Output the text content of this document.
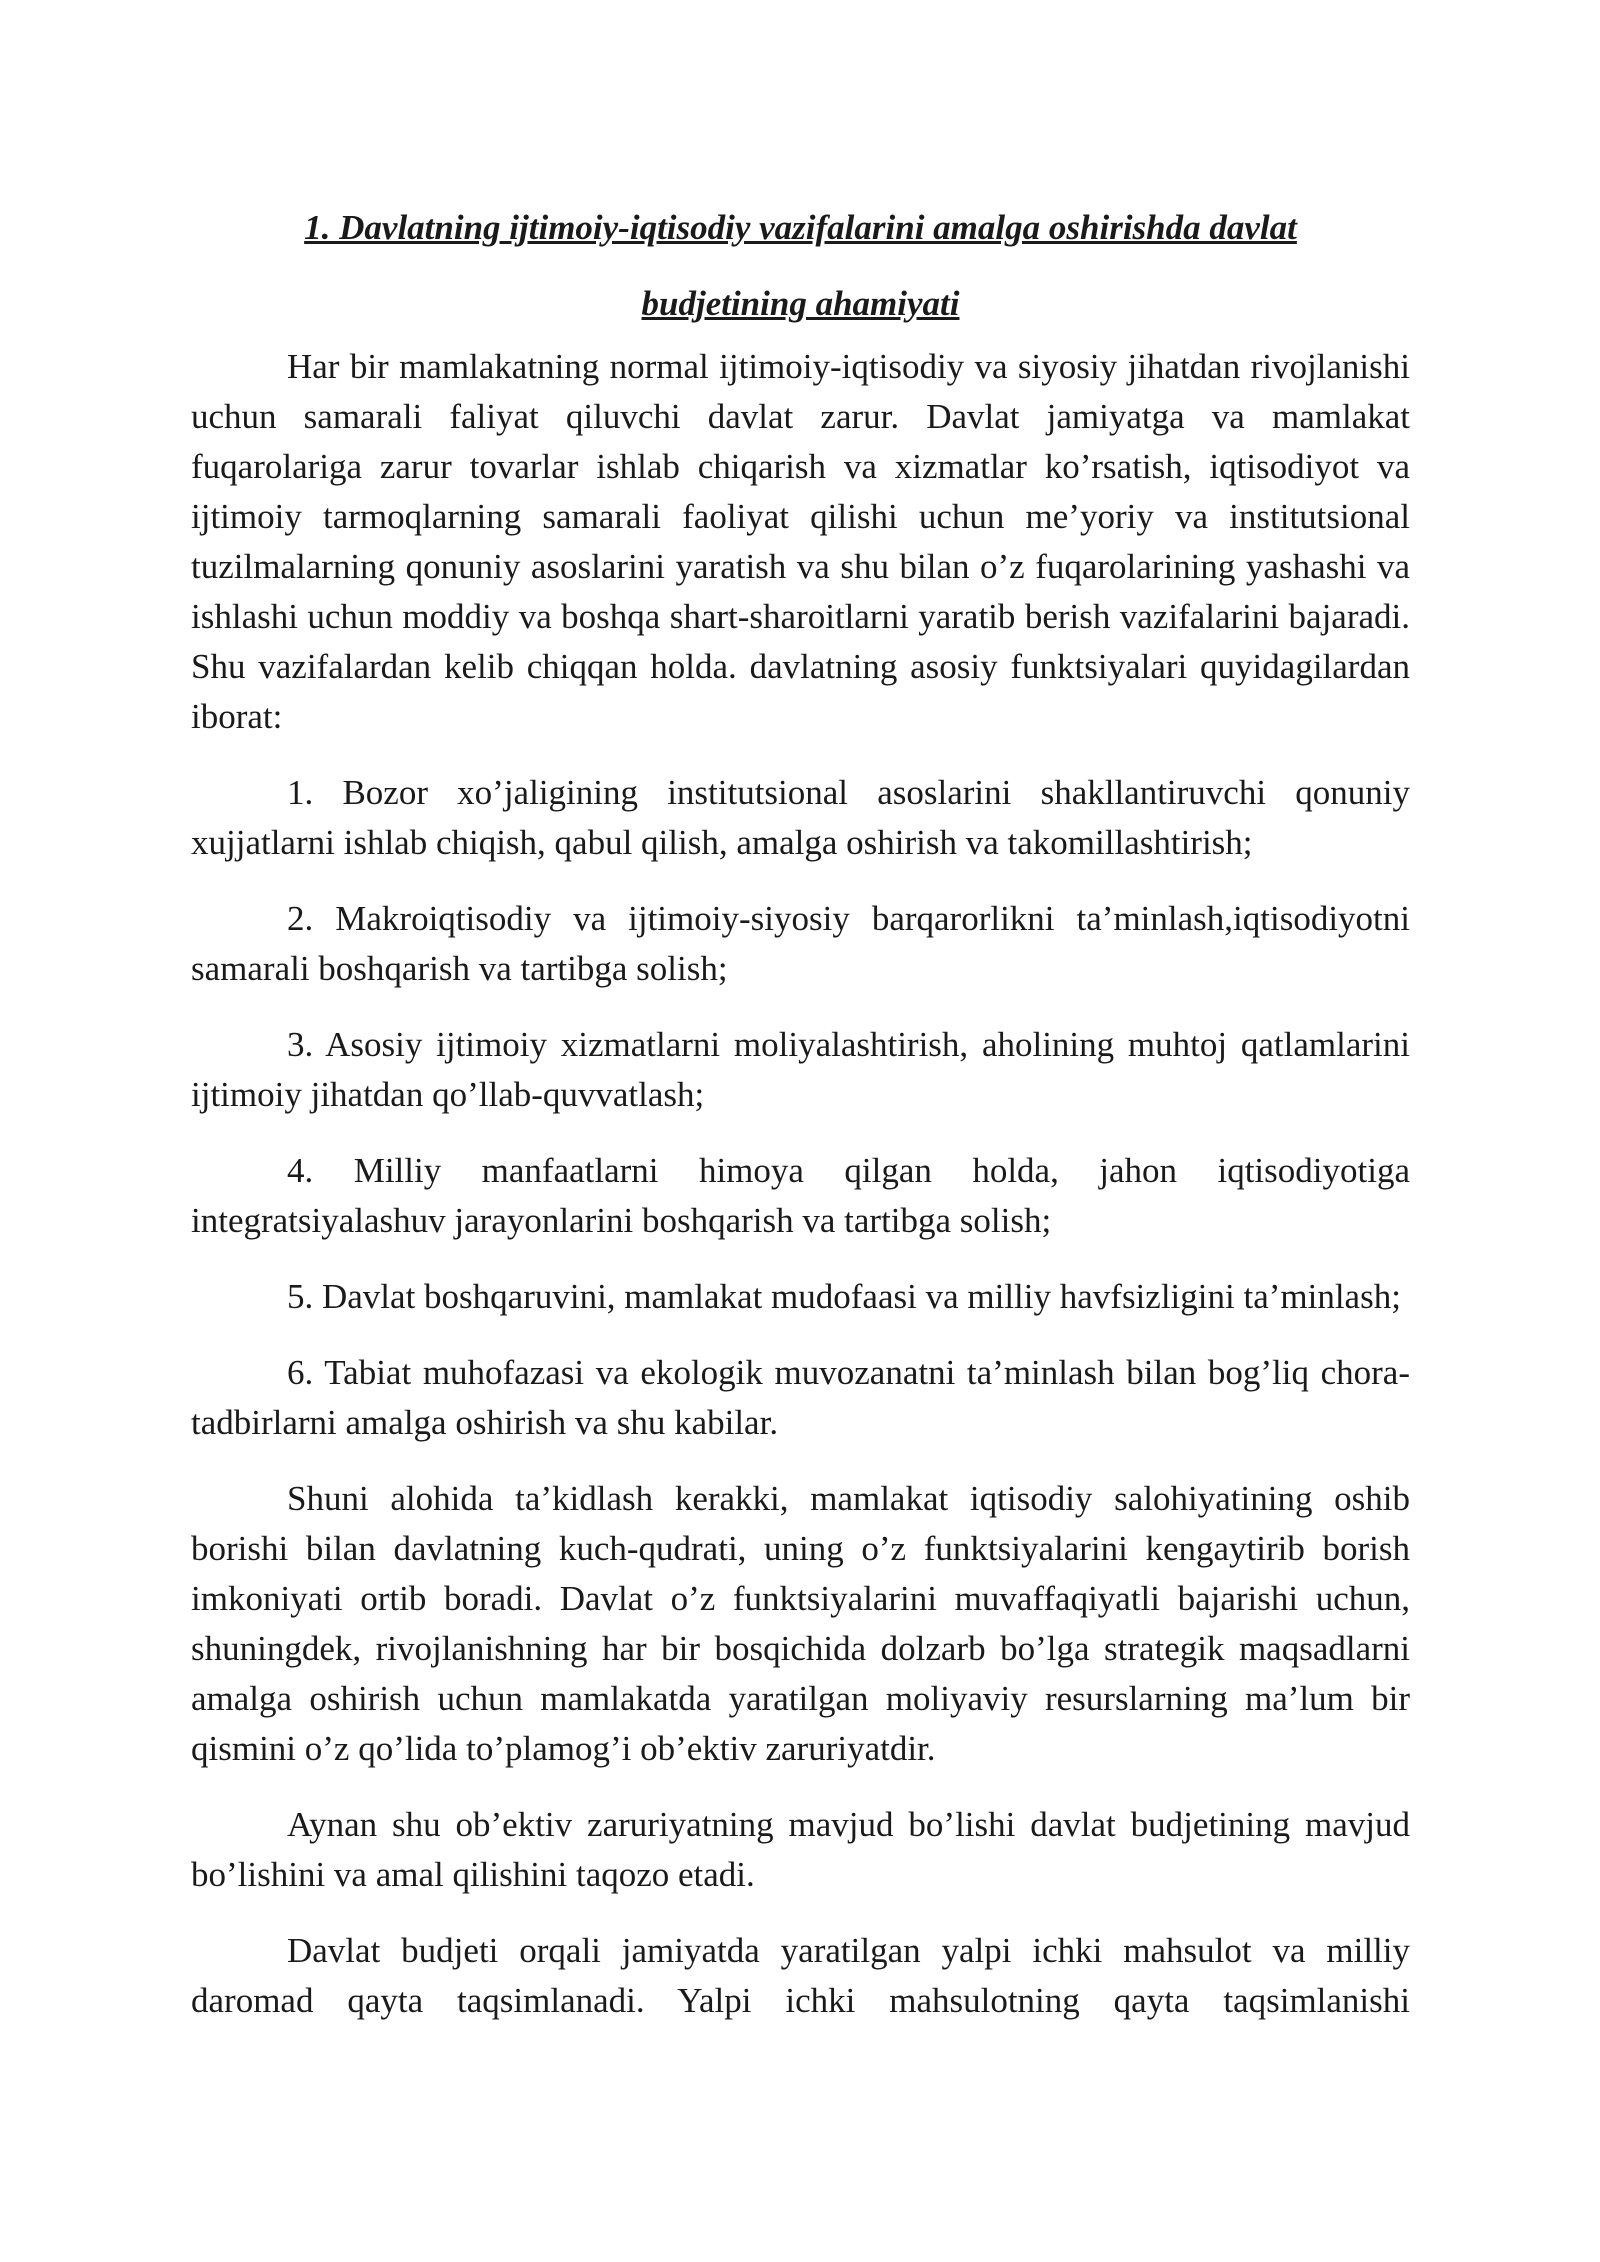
1. Davlatning ijtimoiy-iqtisodiy vazifalarini amalga oshirishda davlat
budjetining ahamiyati

Har bir mamlakatning normal ijtimoiy-iqtisodiy va siyosiy jihatdan rivojlanishi uchun samarali faliyat qiluvchi davlat zarur. Davlat jamiyatga va mamlakat fuqarolariga zarur tovarlar ishlab chiqarish va xizmatlar ko’rsatish, iqtisodiyot va ijtimoiy tarmoqlarning samarali faoliyat qilishi uchun me’yoriy va institutsional tuzilmalarning qonuniy asoslarini yaratish va shu bilan o’z fuqarolarining yashashi va ishlashi uchun moddiy va boshqa shart-sharoitlarni yaratib berish vazifalarini bajaradi. Shu vazifalardan kelib chiqqan holda. davlatning asosiy funktsiyalari quyidagilardan iborat:

1. Bozor xo’jaligining institutsional asoslarini shakllantiruvchi qonuniy xujjatlarni ishlab chiqish, qabul qilish, amalga oshirish va takomillashtirish;

2. Makroiqtisodiy va ijtimoiy-siyosiy barqarorlikni ta’minlash,iqtisodiyotni samarali boshqarish va tartibga solish;

3. Asosiy ijtimoiy xizmatlarni moliyalashtirish, aholining muhtoj qatlamlarini ijtimoiy jihatdan qo’llab-quvvatlash;

4. Milliy manfaatlarni himoya qilgan holda, jahon iqtisodiyotiga integratsiyalashuv jarayonlarini boshqarish va tartibga solish;

5. Davlat boshqaruvini, mamlakat mudofaasi va milliy havfsizligini ta’minlash;

6. Tabiat muhofazasi va ekologik muvozanatni ta’minlash bilan bog’liq chora-tadbirlarni amalga oshirish va shu kabilar.

Shuni alohida ta’kidlash kerakki, mamlakat iqtisodiy salohiyatining oshib borishi bilan davlatning kuch-qudrati, uning o’z funktsiyalarini kengaytirib borish imkoniyati ortib boradi. Davlat o’z funktsiyalarini muvaffaqiyatli bajarishi uchun, shuningdek, rivojlanishning har bir bosqichida dolzarb bo’lga strategik maqsadlarni amalga oshirish uchun mamlakatda yaratilgan moliyaviy resurslarning ma’lum bir qismini o’z qo’lida to’plamog’i ob’ektiv zaruriyatdir.

Aynan shu ob’ektiv zaruriyatning mavjud bo’lishi davlat budjetining mavjud bo’lishini va amal qilishini taqozo etadi.

Davlat budjeti orqali jamiyatda yaratilgan yalpi ichki mahsulot va milliy daromad qayta taqsimlanadi. Yalpi ichki mahsulotning qayta taqsimlanishi
